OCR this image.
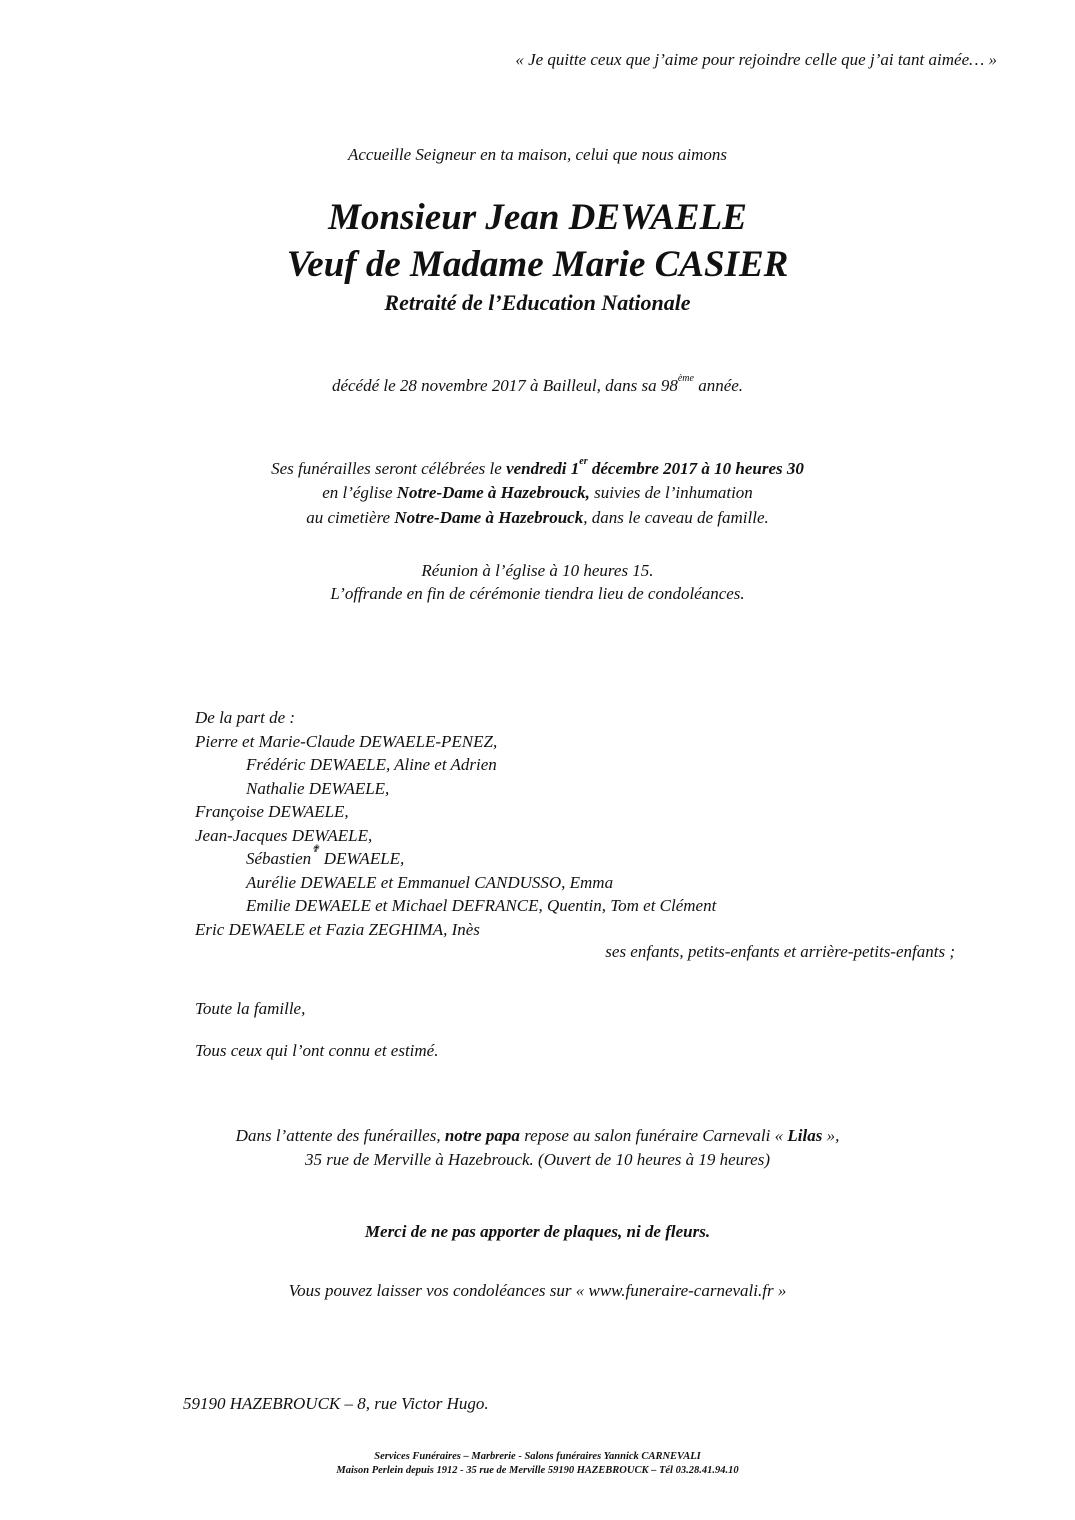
« Je quitte ceux que j’aime pour rejoindre celle que j’ai tant aimée… »
Accueille Seigneur en ta maison, celui que nous aimons
Monsieur Jean DEWAELE
Veuf de Madame Marie CASIER
Retraité de l’Education Nationale
décédé le 28 novembre 2017 à Bailleul, dans sa 98ème année.
Ses funérailles seront célébrées le vendredi 1er décembre 2017 à 10 heures 30
en l’église Notre-Dame à Hazebrouck, suivies de l’inhumation
au cimetière Notre-Dame à Hazebrouck, dans le caveau de famille.
Réunion à l’église à 10 heures 15.
L’offrande en fin de cérémonie tiendra lieu de condoléances.
De la part de :
Pierre et Marie-Claude DEWAELE-PENEZ,
Frédéric DEWAELE, Aline et Adrien
Nathalie DEWAELE,
Françoise DEWAELE,
Jean-Jacques DEWAELE,
Sébastien✟ DEWAELE,
Aurélie DEWAELE et Emmanuel CANDUSSO, Emma
Emilie DEWAELE et Michael DEFRANCE, Quentin, Tom et Clément
Eric DEWAELE et Fazia ZEGHIMA, Inès
ses enfants, petits-enfants et arrière-petits-enfants ;
Toute la famille,
Tous ceux qui l’ont connu et estimé.
Dans l’attente des funérailles, notre papa repose au salon funéraire Carnevali « Lilas »,
35 rue de Merville à Hazebrouck. (Ouvert de 10 heures à 19 heures)
Merci de ne pas apporter de plaques, ni de fleurs.
Vous pouvez laisser vos condoléances sur « www.funeraire-carnevali.fr »
59190 HAZEBROUCK – 8, rue Victor Hugo.
Services Funéraires – Marbrerie - Salons funéraires Yannick CARNEVALI
Maison Perlein depuis 1912 - 35 rue de Merville 59190 HAZEBROUCK – Tél 03.28.41.94.10
